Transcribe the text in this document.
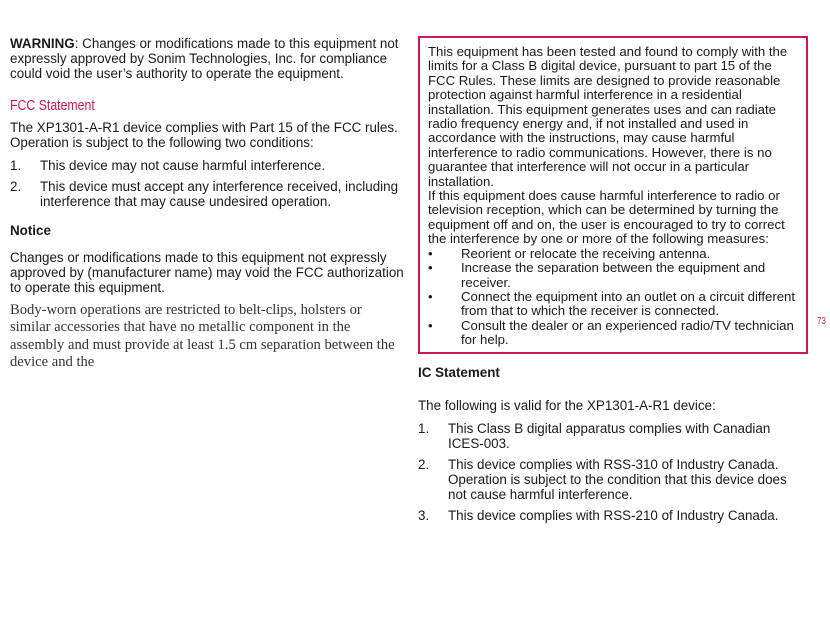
WARNING: Changes or modifications made to this equipment not expressly approved by Sonim Technologies, Inc. for compliance could void the user’s authority to operate the equipment.

FCC Statement

The XP1301-A-R1 device complies with Part 15 of the FCC rules. Operation is subject to the following two conditions:

1.	This device may not cause harmful interference.
2.	This device must accept any interference received, including interference that may cause undesired operation.
Notice

Changes or modifications made to this equipment not expressly approved by (manufacturer name) may void the FCC authorization to operate this equipment.

Body-worn operations are restricted to belt-clips, holsters or similar accessories that have no metallic component in the assembly and must provide at least 1.5 cm separation between the device and the

This equipment has been tested and found to comply with the limits for a Class B digital device, pursuant to part 15 of the FCC Rules. These limits are designed to provide reasonable protection against harmful interference in a residential installation. This equipment generates uses and can radiate radio frequency energy and, if not installed and used in accordance with the instructions, may cause harmful interference to radio communications. However, there is no guarantee that interference will not occur in a particular installation.

If this equipment does cause harmful interference to radio or television reception, which can be determined by turning the equipment off and on, the user is encouraged to try to correct the interference by one or more of the following measures:

•	Reorient or relocate the receiving antenna.
•	Increase the separation between the equipment and receiver.
•	Connect the equipment into an outlet on a circuit different from that to which the receiver is connected.
•	Consult the dealer or an experienced radio/TV technician for help.
IC Statement

The following is valid for the XP1301-A-R1 device:

1.	This Class B digital apparatus complies with Canadian ICES-003.
2.	This device complies with RSS-310 of Industry Canada. Operation is subject to the condition that this device does not cause harmful interference.
3.	This device complies with RSS-210 of Industry Canada.
73
